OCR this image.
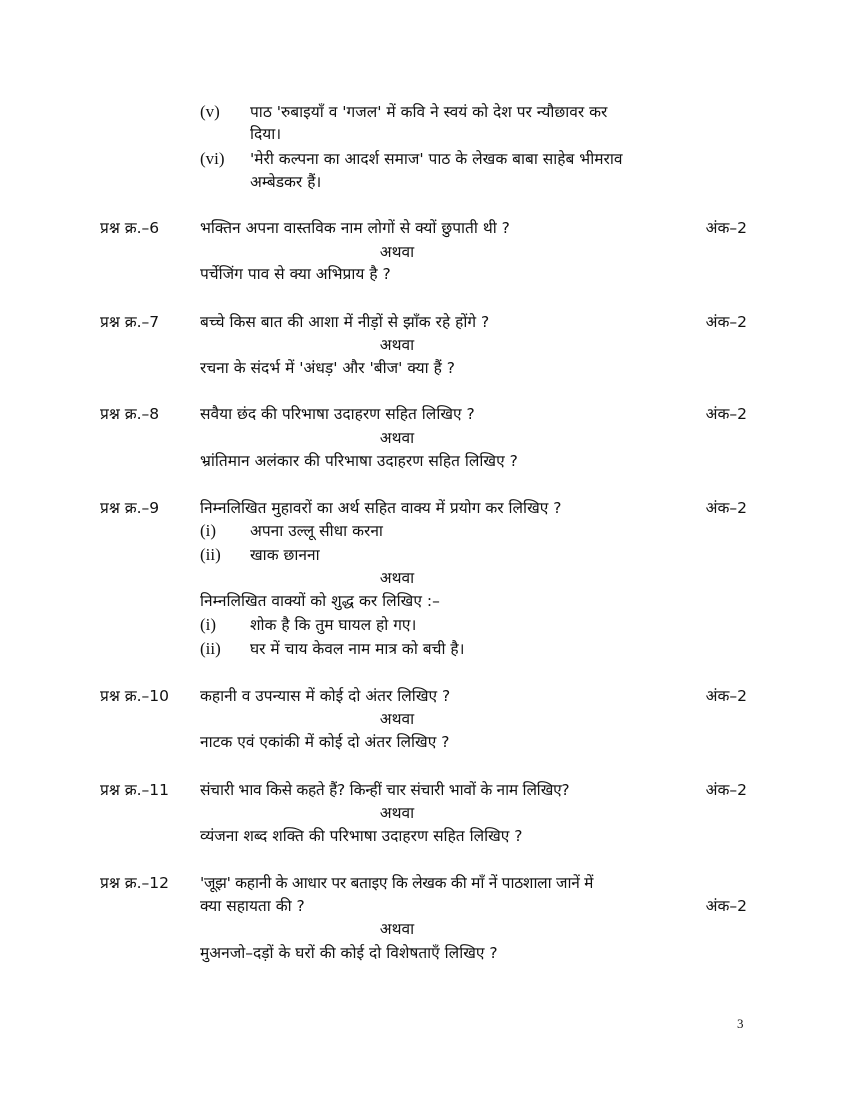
(v) पाठ 'रुबाइयॉं व 'गजल' में कवि ने स्वयं को देश पर न्यौछावर कर
दिया।
(vi) 'मेरी कल्पना का आदर्श समाज' पाठ के लेखक बाबा साहेब भीमराव
अम्बेडकर हैं।
प्रश्न क्र.–6	भक्तिन अपना वास्तविक नाम लोगों से क्यों छुपाती थी ?	अंक–2
अथवा
पर्चेजिंग पाव से क्या अभिप्राय है ?
प्रश्न क्र.–7	बच्चे किस बात की आशा में नीड़ों से झॉंक रहे होंगे ?	अंक–2
अथवा
रचना के संदर्भ में 'अंधड़' और 'बीज' क्या हैं ?
प्रश्न क्र.–8	सवैया छंद की परिभाषा उदाहरण सहित लिखिए ?	अंक–2
अथवा
भ्रांतिमान अलंकार की परिभाषा उदाहरण सहित लिखिए ?
प्रश्न क्र.–9	निम्नलिखित मुहावरों का अर्थ सहित वाक्य में प्रयोग कर लिखिए ?	अंक–2
(i) अपना उल्लू सीधा करना
(ii) खाक छानना
अथवा
निम्नलिखित वाक्यों को शुद्ध कर लिखिए :–
(i) शोक है कि तुम घायल हो गए।
(ii) घर में चाय केवल नाम मात्र को बची है।
प्रश्न क्र.–10 कहानी व उपन्यास में कोई दो अंतर लिखिए ?	अंक–2
अथवा
नाटक एवं एकांकी में कोई दो अंतर लिखिए ?
प्रश्न क्र.–11 संचारी भाव किसे कहते हैं? किन्हीं चार संचारी भावों के नाम लिखिए?	अंक–2
अथवा
व्यंजना शब्द शक्ति की परिभाषा उदाहरण सहित लिखिए ?
प्रश्न क्र.–12 'जूझ' कहानी के आधार पर बताइए कि लेखक की मॉं नें पाठशाला जानें में
क्या सहायता की ?	अंक–2
अथवा
मुअनजो–दड़ों के घरों की कोई दो विशेषताएँ लिखिए ?
3
